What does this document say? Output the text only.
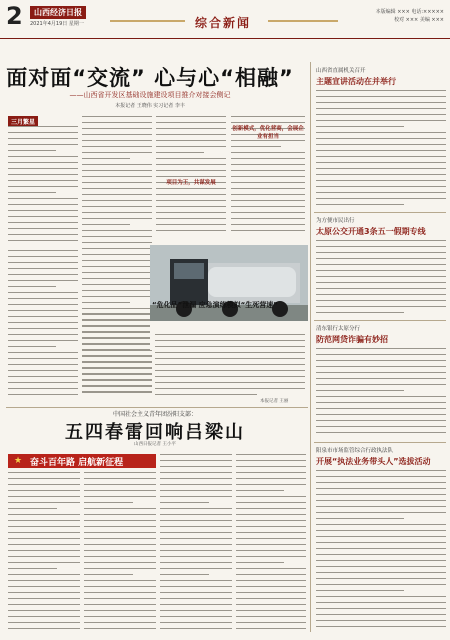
2	山西经济日报
2021年4月19日 星期一	综合新闻
本版编辑 ××× 电话:×××××
校对 ××× 美编 ×××
面对面“交流” 心与心“相融”
——山西省开发区基础设施建设项目推介对接会侧记
本报记者 王晓伟 实习记者 李丰
三月繁星
项目为王，共谋发展
创新模式，优化营商，会展企业有担当
“危化品”泄漏 应急演练模拟“生死营速”
本报记者 王丽
中国社会主义青年团汾阳支部：
五四春雷回响吕梁山
山西日报记者 王小平
★ 奋斗百年路 启航新征程
山西省直属机关召开
主题宣讲活动在并举行
为方便市民出行
太原公交开通3条五一假期专线
清东银行太原分行
防范网贷诈骗有妙招
阳泉市市场监管综合行政执法队
开展“执法业务带头人”选拔活动
